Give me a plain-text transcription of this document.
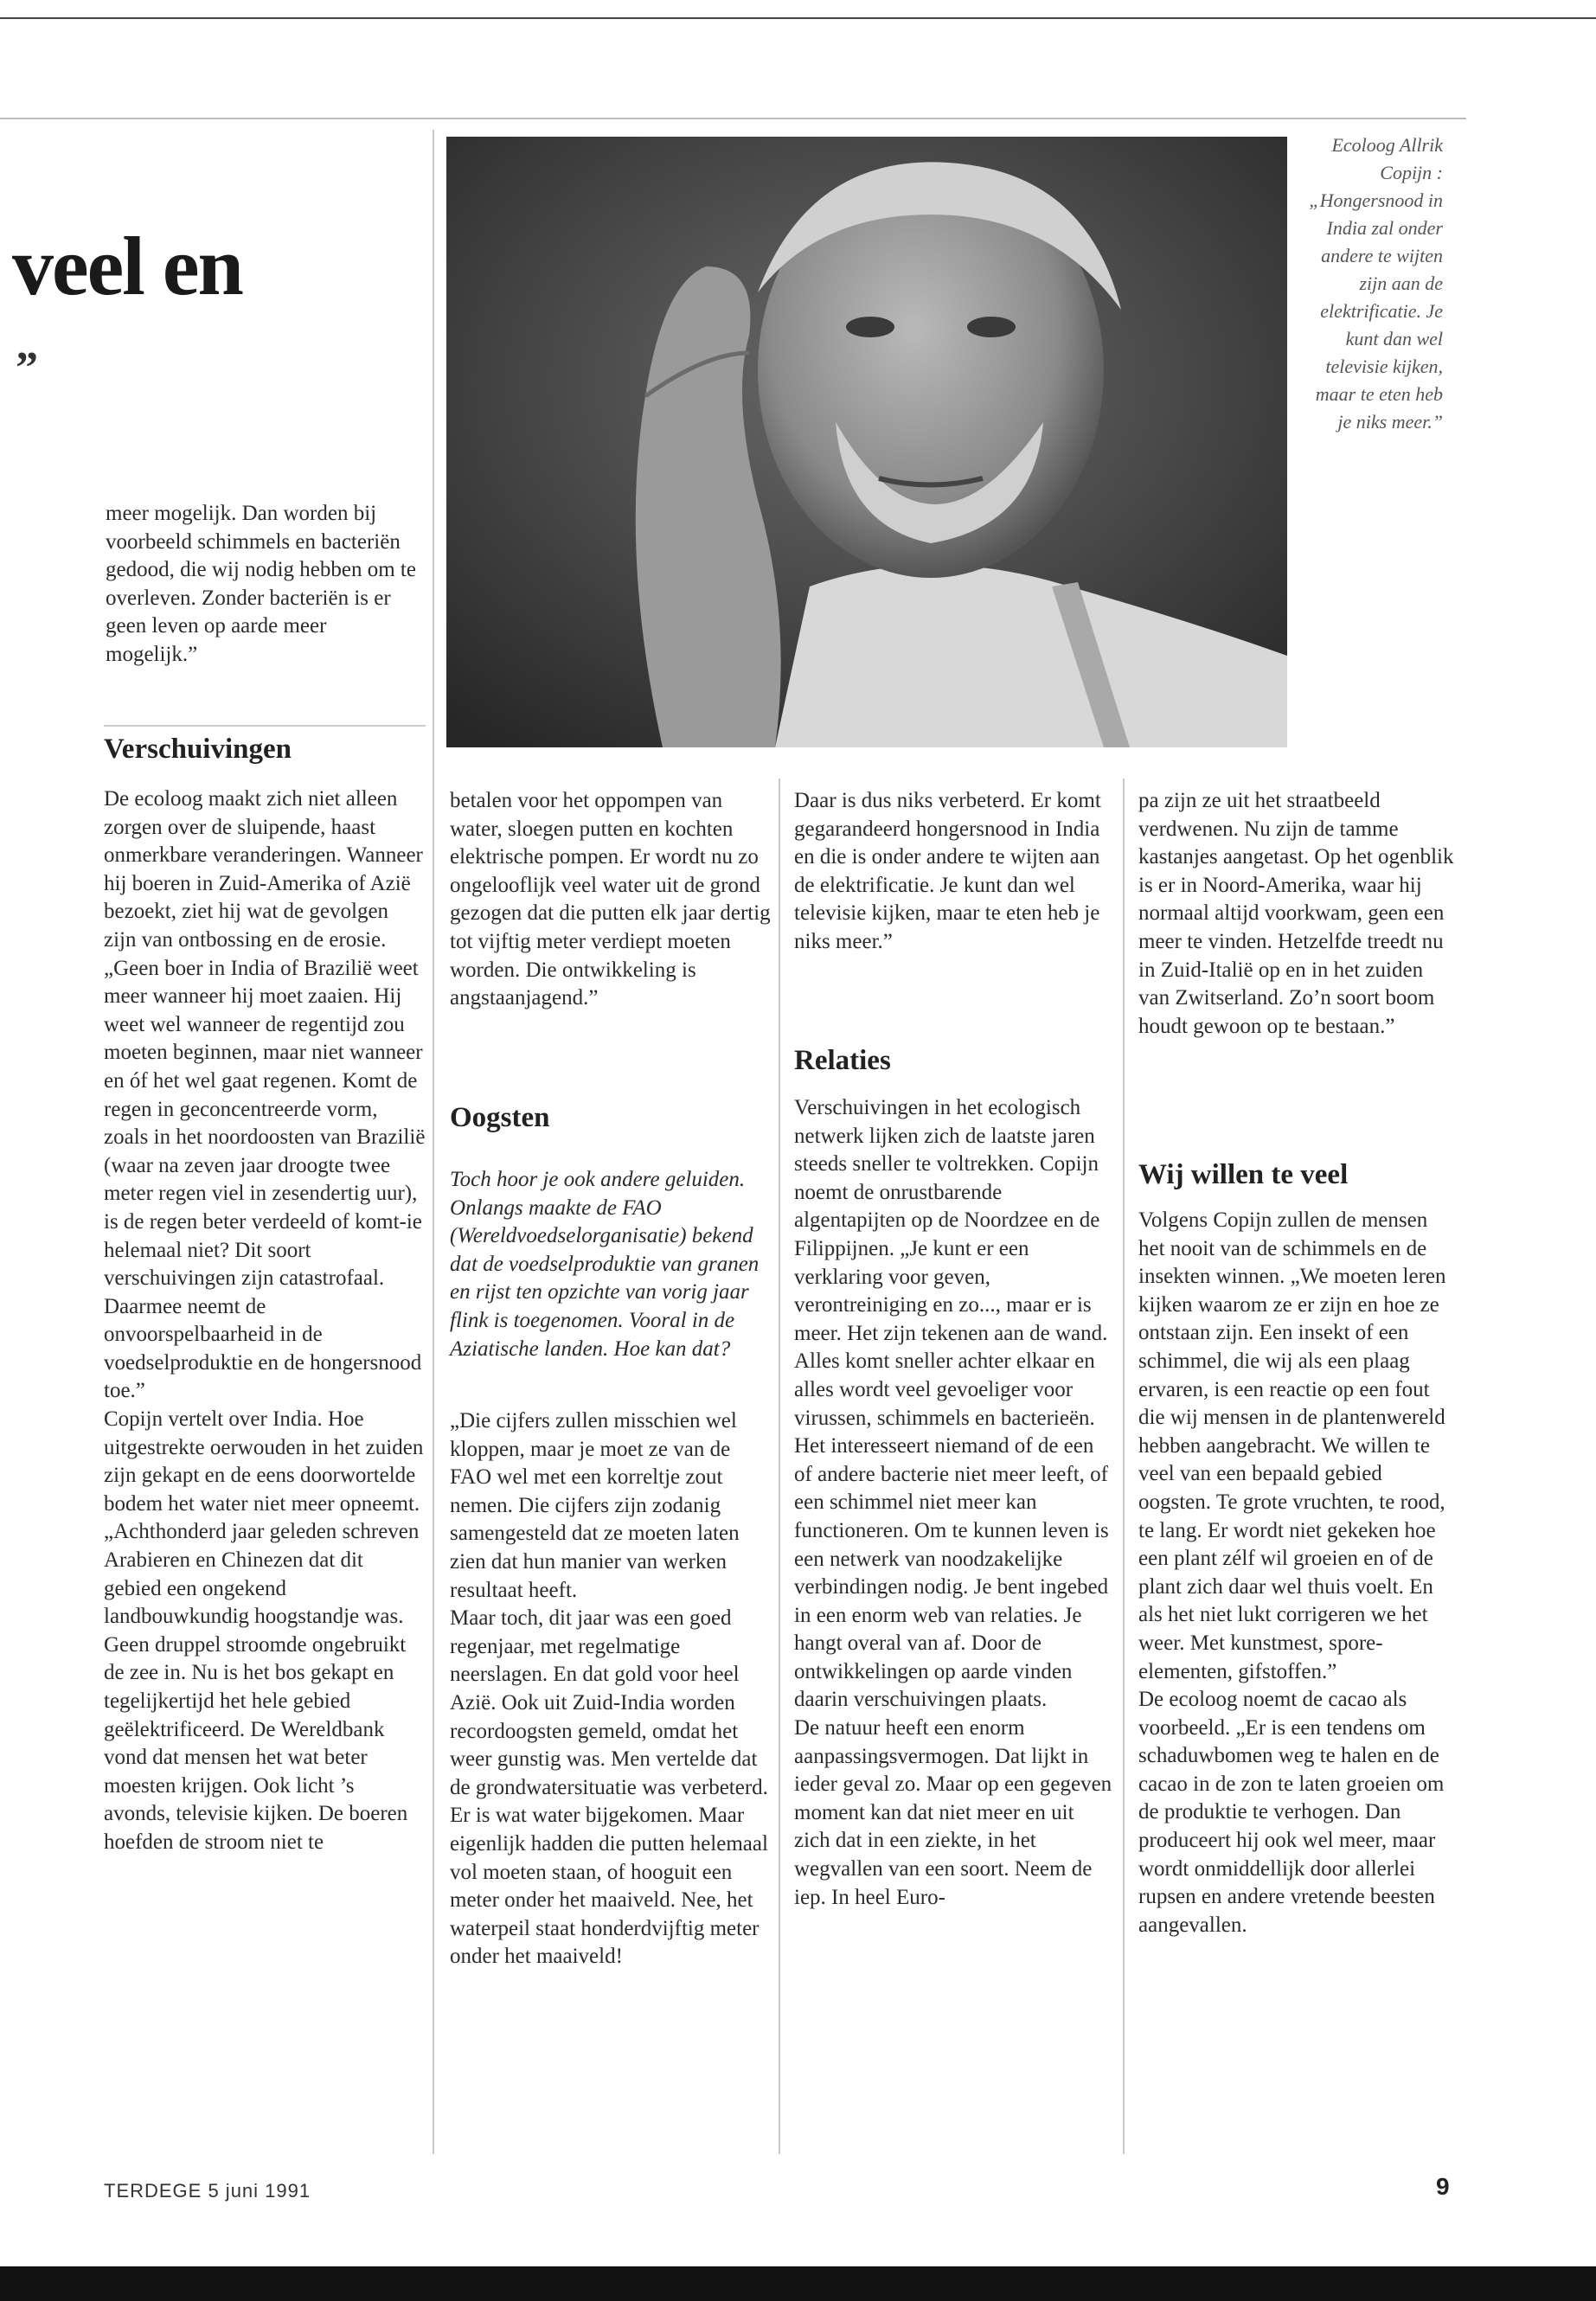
veel en
”

Ecoloog Allrik Copijn : „Hongersnood in India zal onder andere te wijten zijn aan de elektrificatie. Je kunt dan wel televisie kijken, maar te eten heb je niks meer.”

meer mogelijk. Dan worden bij voorbeeld schimmels en bacteriën gedood, die wij nodig hebben om te overleven. Zonder bacteriën is er geen leven op aarde meer mogelijk.”

Verschuivingen

De ecoloog maakt zich niet alleen zorgen over de sluipende, haast onmerkbare veranderingen. Wanneer hij boeren in Zuid-Amerika of Azië bezoekt, ziet hij wat de gevolgen zijn van ontbossing en de erosie.
„Geen boer in India of Brazilië weet meer wanneer hij moet zaaien. Hij weet wel wanneer de regentijd zou moeten beginnen, maar niet wanneer en óf het wel gaat regenen. Komt de regen in geconcentreerde vorm, zoals in het noordoosten van Brazilië (waar na zeven jaar droogte twee meter regen viel in zesendertig uur), is de regen beter verdeeld of komt-ie helemaal niet? Dit soort verschuivingen zijn catastrofaal. Daarmee neemt de onvoorspelbaarheid in de voedselproduktie en de hongersnood toe.”
Copijn vertelt over India. Hoe uitgestrekte oerwouden in het zuiden zijn gekapt en de eens doorwortelde bodem het water niet meer opneemt. „Achthonderd jaar geleden schreven Arabieren en Chinezen dat dit gebied een ongekend landbouwkundig hoogstandje was. Geen druppel stroomde ongebruikt de zee in. Nu is het bos gekapt en tegelijkertijd het hele gebied geëlektrificeerd. De Wereldbank vond dat mensen het wat beter moesten krijgen. Ook licht ’s avonds, televisie kijken. De boeren hoefden de stroom niet te

betalen voor het oppompen van water, sloegen putten en kochten elektrische pompen. Er wordt nu zo ongelooflijk veel water uit de grond gezogen dat die putten elk jaar dertig tot vijftig meter verdiept moeten worden. Die ontwikkeling is angstaanjagend.”

Oogsten

Toch hoor je ook andere geluiden. Onlangs maakte de FAO (Wereldvoedselorganisatie) bekend dat de voedselproduktie van granen en rijst ten opzichte van vorig jaar flink is toegenomen. Vooral in de Aziatische landen. Hoe kan dat?

„Die cijfers zullen misschien wel kloppen, maar je moet ze van de FAO wel met een korreltje zout nemen. Die cijfers zijn zodanig samengesteld dat ze moeten laten zien dat hun manier van werken resultaat heeft.
Maar toch, dit jaar was een goed regenjaar, met regelmatige neerslagen. En dat gold voor heel Azië. Ook uit Zuid-India worden recordoogsten gemeld, omdat het weer gunstig was. Men vertelde dat de grondwatersituatie was verbeterd. Er is wat water bijgekomen. Maar eigenlijk hadden die putten helemaal vol moeten staan, of hooguit een meter onder het maaiveld. Nee, het waterpeil staat honderdvijftig meter onder het maaiveld!

Daar is dus niks verbeterd. Er komt gegarandeerd hongersnood in India en die is onder andere te wijten aan de elektrificatie. Je kunt dan wel televisie kijken, maar te eten heb je niks meer.”

Relaties

Verschuivingen in het ecologisch netwerk lijken zich de laatste jaren steeds sneller te voltrekken. Copijn noemt de onrustbarende algentapijten op de Noordzee en de Filippijnen. „Je kunt er een verklaring voor geven, verontreiniging en zo..., maar er is meer. Het zijn tekenen aan de wand. Alles komt sneller achter elkaar en alles wordt veel gevoeliger voor virussen, schimmels en bacterieën. Het interesseert niemand of de een of andere bacterie niet meer leeft, of een schimmel niet meer kan functioneren. Om te kunnen leven is een netwerk van noodzakelijke verbindingen nodig. Je bent ingebed in een enorm web van relaties. Je hangt overal van af. Door de ontwikkelingen op aarde vinden daarin verschuivingen plaats.
De natuur heeft een enorm aanpassingsvermogen. Dat lijkt in ieder geval zo. Maar op een gegeven moment kan dat niet meer en uit zich dat in een ziekte, in het wegvallen van een soort. Neem de iep. In heel Euro-

pa zijn ze uit het straatbeeld verdwenen. Nu zijn de tamme kastanjes aangetast. Op het ogenblik is er in Noord-Amerika, waar hij normaal altijd voorkwam, geen een meer te vinden. Hetzelfde treedt nu in Zuid-Italië op en in het zuiden van Zwitserland. Zo’n soort boom houdt gewoon op te bestaan.”

Wij willen te veel

Volgens Copijn zullen de mensen het nooit van de schimmels en de insekten winnen. „We moeten leren kijken waarom ze er zijn en hoe ze ontstaan zijn. Een insekt of een schimmel, die wij als een plaag ervaren, is een reactie op een fout die wij mensen in de plantenwereld hebben aangebracht. We willen te veel van een bepaald gebied oogsten. Te grote vruchten, te rood, te lang. Er wordt niet gekeken hoe een plant zélf wil groeien en of de plant zich daar wel thuis voelt. En als het niet lukt corrigeren we het weer. Met kunstmest, spore-elementen, gifstoffen.”
De ecoloog noemt de cacao als voorbeeld. „Er is een tendens om schaduwbomen weg te halen en de cacao in de zon te laten groeien om de produktie te verhogen. Dan produceert hij ook wel meer, maar wordt onmiddellijk door allerlei rupsen en andere vretende beesten aangevallen.

TERDEGE 5 juni 1991	9
